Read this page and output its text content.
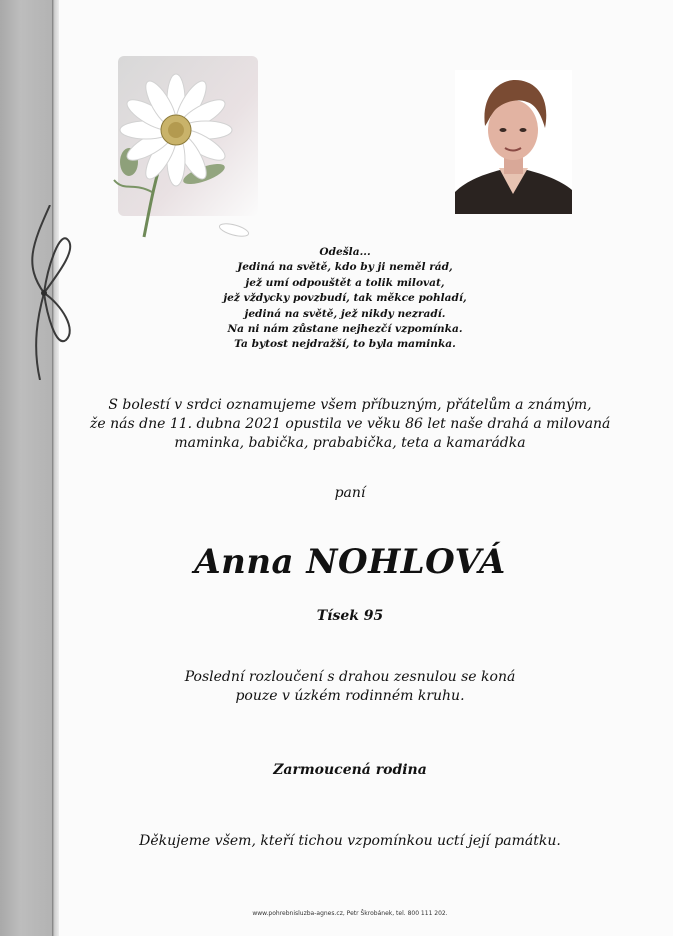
Odešla...
Jediná na světě, kdo by ji neměl rád,
jež umí odpouštět a tolik milovat,
jež vždycky povzbudí, tak měkce pohladí,
jediná na světě, jež nikdy nezradí.
Na ni nám zůstane nejhezčí vzpomínka.
Ta bytost nejdražší, to byla maminka.
S bolestí v srdci oznamujeme všem příbuzným, přátelům a známým,
že nás dne 11. dubna 2021 opustila ve věku 86 let naše drahá a milovaná
maminka, babička, prababička, teta a kamarádka
paní
Anna NOHLOVÁ
Tísek 95
Poslední rozloučení s drahou zesnulou se koná
pouze v úzkém rodinném kruhu.
Zarmoucená rodina
Děkujeme všem, kteří tichou vzpomínkou uctí její památku.
www.pohrebnisluzba-agnes.cz, Petr Škrobánek, tel. 800 111 202.
